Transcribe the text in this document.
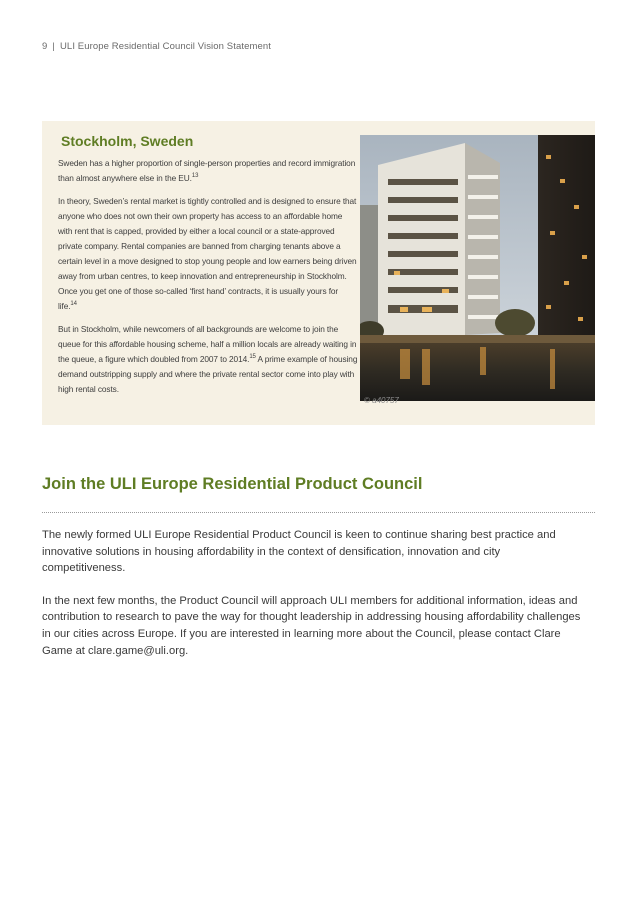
9 | ULI Europe Residential Council Vision Statement
Stockholm, Sweden

Sweden has a higher proportion of single-person properties and record immigration than almost anywhere else in the EU.$^{13}$

In theory, Sweden’s rental market is tightly controlled and is designed to ensure that anyone who does not own their own property has access to an affordable home with rent that is capped, provided by either a local council or a state-approved private company. Rental companies are banned from charging tenants above a certain level in a move designed to stop young people and low earners being driven away from urban centres, to keep innovation and entrepreneurship in Stockholm. Once you get one of those so-called ‘first hand’ contracts, it is usually yours for life.$^{14}$

But in Stockholm, while newcomers of all backgrounds are welcome to join the queue for this affordable housing scheme, half a million locals are already waiting in the queue, a figure which doubled from 2007 to 2014.15 A prime example of housing demand outstripping supply and where the private rental sector come into play with high rental costs.

© a40757
Join the ULI Europe Residential Product Council

The newly formed ULI Europe Residential Product Council is keen to continue sharing best practice and innovative solutions in housing affordability in the context of densification, innovation and city competitiveness.

In the next few months, the Product Council will approach ULI members for additional information, ideas and contribution to research to pave the way for thought leadership in addressing housing affordability challenges in our cities across Europe. If you are interested in learning more about the Council, please contact Clare Game at clare.game@uli.org.
